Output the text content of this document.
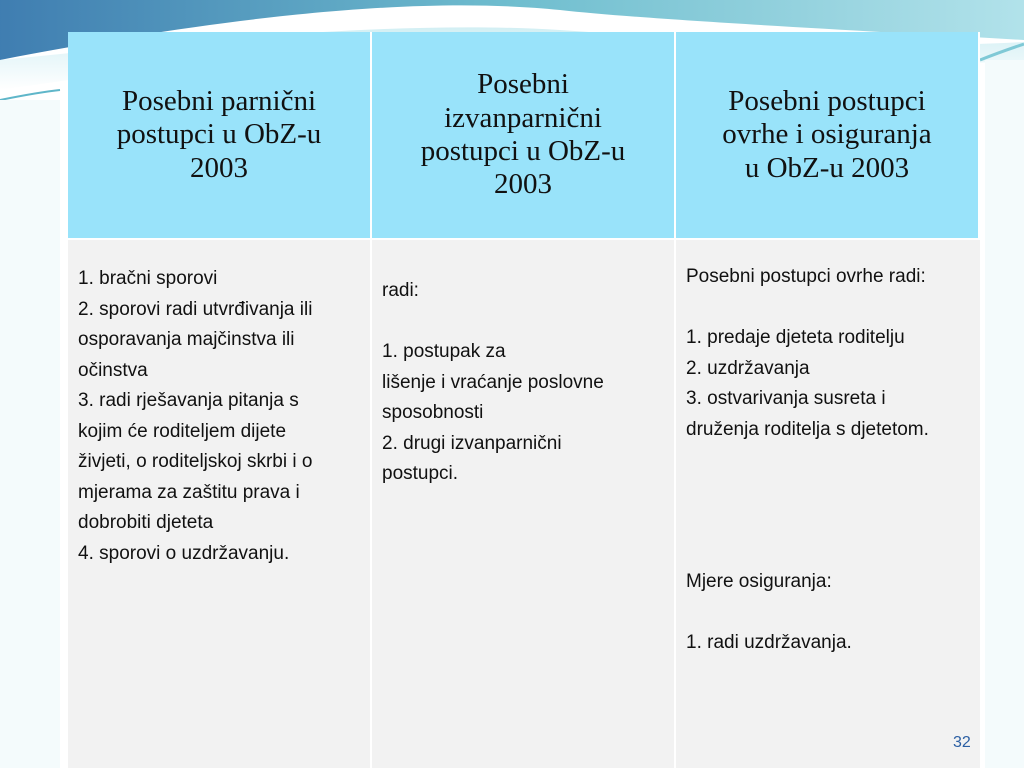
Posebni parnični
postupci u ObZ-u
2003
Posebni
izvanparnični
postupci u ObZ-u
2003
Posebni postupci
ovrhe i osiguranja
u ObZ-u 2003
1. bračni sporovi
2. sporovi radi utvrđivanja ili
osporavanja majčinstva ili
očinstva
3. radi rješavanja pitanja s
kojim će roditeljem dijete
živjeti, o roditeljskoj skrbi i o
mjerama za zaštitu prava i
dobrobiti djeteta
4. sporovi o uzdržavanju.
radi:
1. postupak za
lišenje i vraćanje poslovne
sposobnosti
2. drugi izvanparnični
postupci.
Posebni postupci ovrhe radi:
1. predaje djeteta roditelju
2. uzdržavanja
3. ostvarivanja susreta i
druženja roditelja s djetetom.
Mjere osiguranja:
1. radi uzdržavanja.
32
